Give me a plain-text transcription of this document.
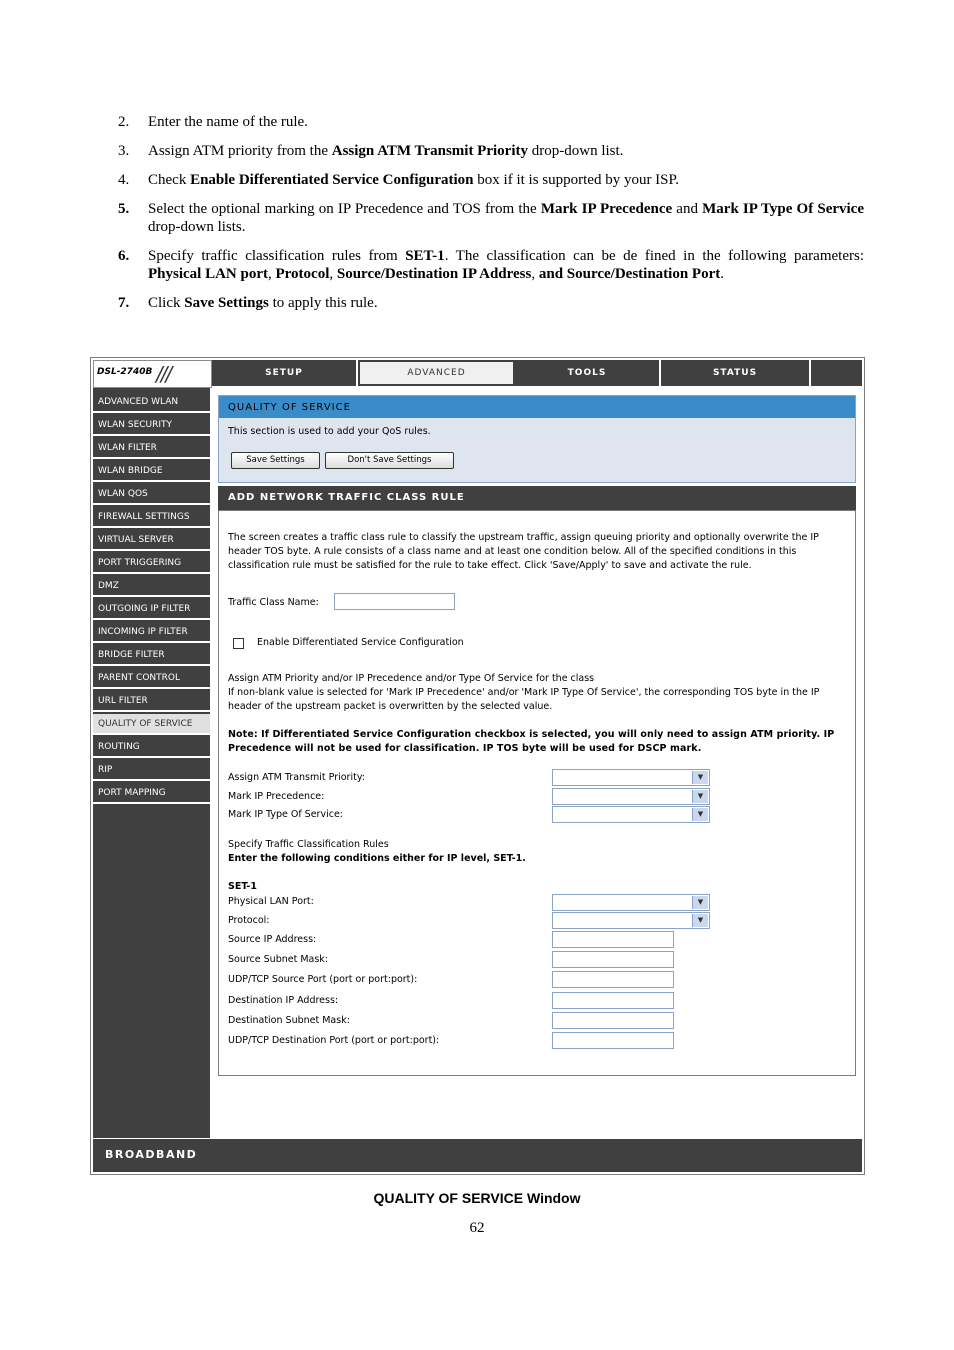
2. Enter the name of the rule.
3. Assign ATM priority from the Assign ATM Transmit Priority drop-down list.
4. Check Enable Differentiated Service Configuration box if it is supported by your ISP.
5. Select the optional marking on IP Precedence and TOS from the Mark IP Precedence and Mark IP Type Of Service drop-down lists.
6. Specify traffic classification rules from SET-1. The classification can be de fined in the following parameters: Physical LAN port, Protocol, Source/Destination IP Address, and Source/Destination Port.
7. Click Save Settings to apply this rule.
DSL-2740B ///	SETUP	ADVANCED	TOOLS	STATUS
ADVANCED WLAN
WLAN SECURITY
WLAN FILTER
WLAN BRIDGE
WLAN QOS
FIREWALL SETTINGS
VIRTUAL SERVER
PORT TRIGGERING
DMZ
OUTGOING IP FILTER
INCOMING IP FILTER
BRIDGE FILTER
PARENT CONTROL
URL FILTER
QUALITY OF SERVICE
ROUTING
RIP
PORT MAPPING
QUALITY OF SERVICE
This section is used to add your QoS rules.
Save Settings	Don't Save Settings
ADD NETWORK TRAFFIC CLASS RULE
The screen creates a traffic class rule to classify the upstream traffic, assign queuing priority and optionally overwrite the IP header TOS byte. A rule consists of a class name and at least one condition below. All of the specified conditions in this classification rule must be satisfied for the rule to take effect. Click 'Save/Apply' to save and activate the rule.
Traffic Class Name:
Enable Differentiated Service Configuration
Assign ATM Priority and/or IP Precedence and/or Type Of Service for the class
If non-blank value is selected for 'Mark IP Precedence' and/or 'Mark IP Type Of Service', the corresponding TOS byte in the IP header of the upstream packet is overwritten by the selected value.
Note: If Differentiated Service Configuration checkbox is selected, you will only need to assign ATM priority. IP Precedence will not be used for classification. IP TOS byte will be used for DSCP mark.
Assign ATM Transmit Priority:	▼
Mark IP Precedence:	▼
Mark IP Type Of Service:	▼
Specify Traffic Classification Rules
Enter the following conditions either for IP level, SET-1.
SET-1
Physical LAN Port:	▼
Protocol:	▼
Source IP Address:
Source Subnet Mask:
UDP/TCP Source Port (port or port:port):
Destination IP Address:
Destination Subnet Mask:
UDP/TCP Destination Port (port or port:port):
BROADBAND
QUALITY OF SERVICE Window
62
